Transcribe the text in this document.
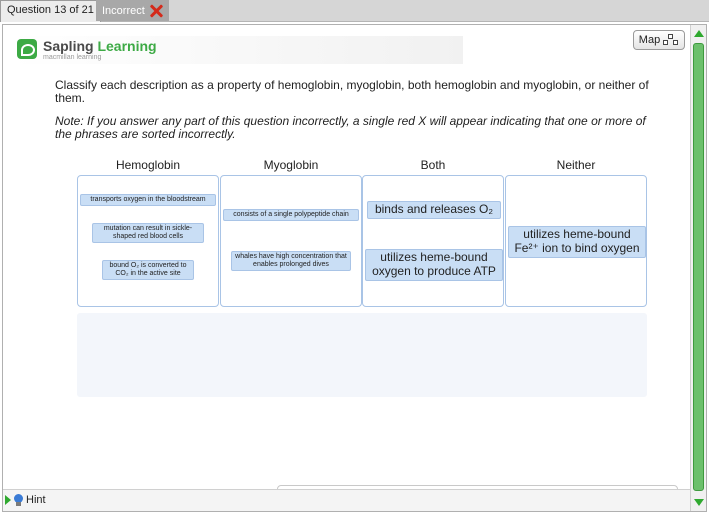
Question 13 of 21 Incorrect
Sapling Learning
macmillan learning
Map
Classify each description as a property of hemoglobin, myoglobin, both hemoglobin and myoglobin, or neither of them.
Note: If you answer any part of this question incorrectly, a single red X will appear indicating that one or more of the phrases are sorted incorrectly.
Hemoglobin	Myoglobin	Both	Neither
transports oxygen in the bloodstream
mutation can result in sickle-shaped red blood cells
bound O₂ is converted to CO₂ in the active site
consists of a single polypeptide chain
whales have high concentration that enables prolonged dives
binds and releases O₂
utilizes heme-bound oxygen to produce ATP
utilizes heme-bound Fe²⁺ ion to bind oxygen
Hint
